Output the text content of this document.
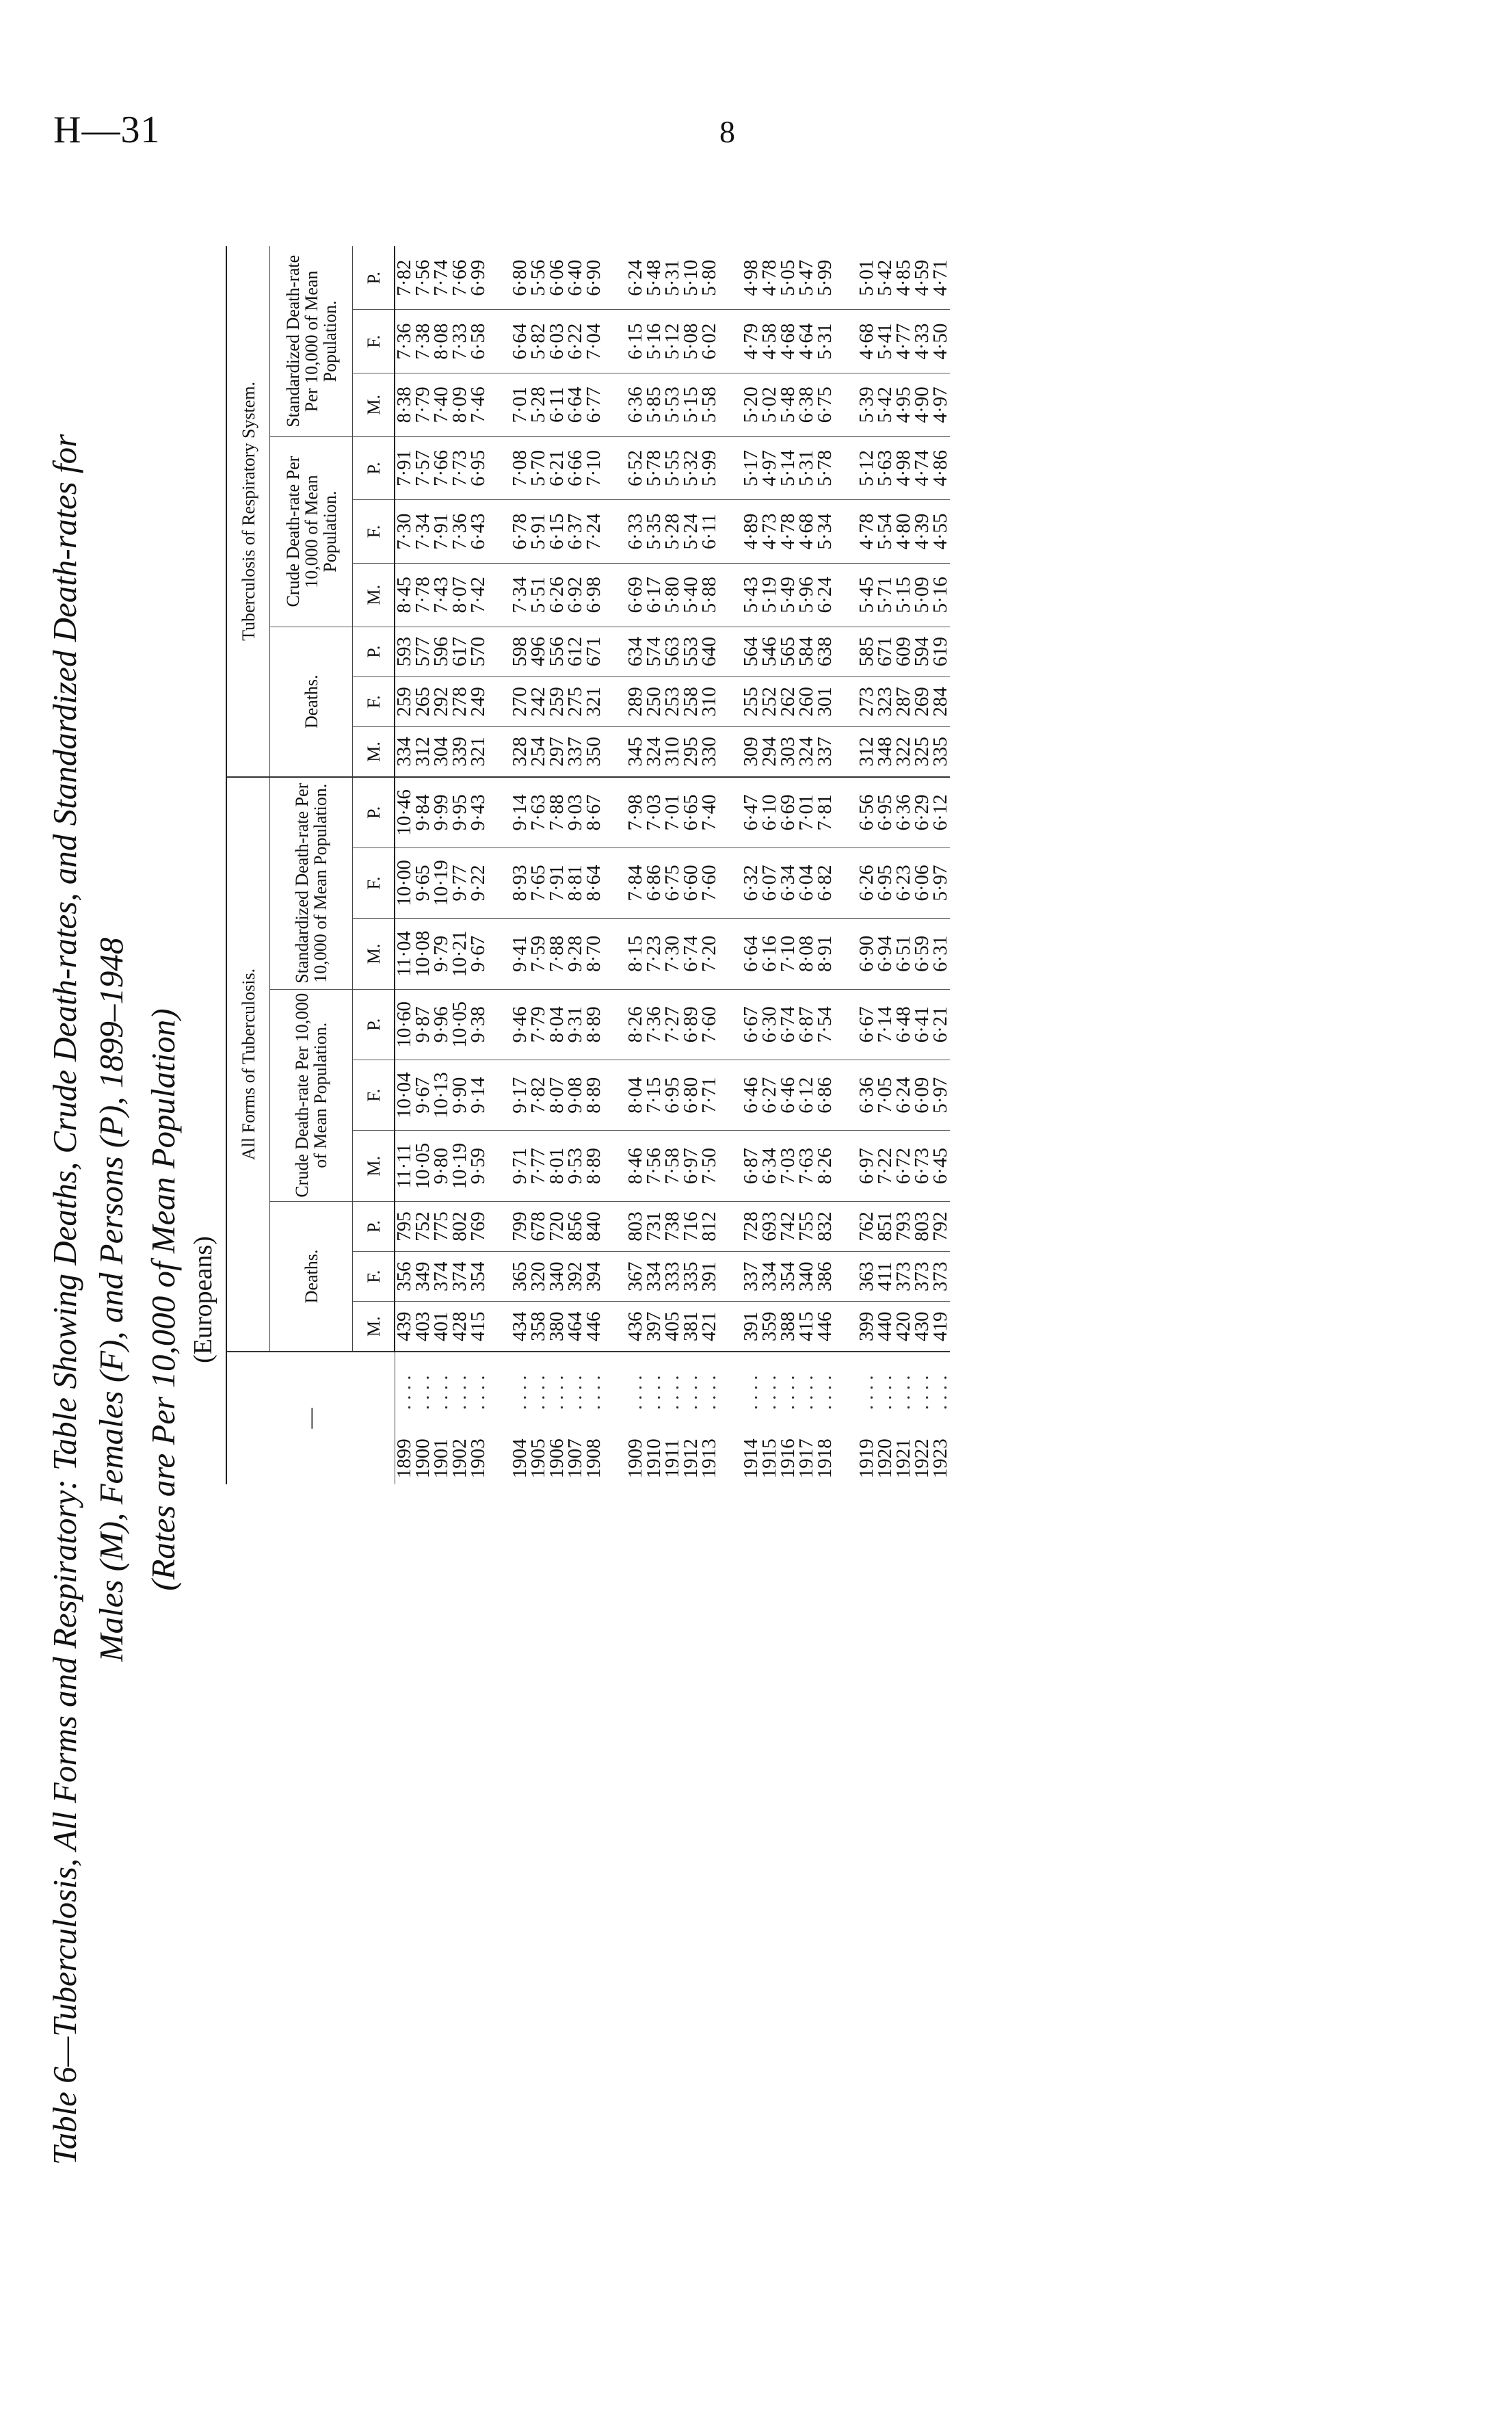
H—31	8
Table 6—Tuberculosis, All Forms and Respiratory: Table Showing Deaths, Crude Death-rates, and Standardized Death-rates for Males (M), Females (F), and Persons (P), 1899–1948 (Rates are Per 10,000 of Mean Population) (Europeans)
—		All Forms of Tuberculosis.									Tuberculosis of Respiratory System.								
		Deaths.			Crude Death-rate Per 10,000 of Mean Population.			Standardized Death-rate Per 10,000 of Mean Population.			Deaths.			Crude Death-rate Per 10,000 of Mean Population.			Standardized Death-rate Per 10,000 of Mean Population.		
		M.	F.	P.	M.	F.	P.	M.	F.	P.	M.	F.	P.	M.	F.	P.	M.	F.	P.
1899	. . . .	439	356	795	11·11	10·04	10·60	11·04	10·00	10·46	334	259	593	8·45	7·30	7·91	8·38	7·36	7·82
1900	. . . .	403	349	752	10·05	9·67	9·87	10·08	9·65	9·84	312	265	577	7·78	7·34	7·57	7·79	7·38	7·56
1901	. . . .	401	374	775	9·80	10·13	9·96	9·79	10·19	9·99	304	292	596	7·43	7·91	7·66	7·40	8·08	7·74
1902	. . . .	428	374	802	10·19	9·90	10·05	10·21	9·77	9·95	339	278	617	8·07	7·36	7·73	8·09	7·33	7·66
1903	. . . .	415	354	769	9·59	9·14	9·38	9·67	9·22	9·43	321	249	570	7·42	6·43	6·95	7·46	6·58	6·99

1904	. . . .	434	365	799	9·71	9·17	9·46	9·41	8·93	9·14	328	270	598	7·34	6·78	7·08	7·01	6·64	6·80
1905	. . . .	358	320	678	7·77	7·82	7·79	7·59	7·65	7·63	254	242	496	5·51	5·91	5·70	5·28	5·82	5·56
1906	. . . .	380	340	720	8·01	8·07	8·04	7·88	7·91	7·88	297	259	556	6·26	6·15	6·21	6·11	6·03	6·06
1907	. . . .	464	392	856	9·53	9·08	9·31	9·28	8·81	9·03	337	275	612	6·92	6·37	6·66	6·64	6·22	6·40
1908	. . . .	446	394	840	8·89	8·89	8·89	8·70	8·64	8·67	350	321	671	6·98	7·24	7·10	6·77	7·04	6·90

1909	. . . .	436	367	803	8·46	8·04	8·26	8·15	7·84	7·98	345	289	634	6·69	6·33	6·52	6·36	6·15	6·24
1910	. . . .	397	334	731	7·56	7·15	7·36	7·23	6·86	7·03	324	250	574	6·17	5·35	5·78	5·85	5·16	5·48
1911	. . . .	405	333	738	7·58	6·95	7·27	7·30	6·75	7·01	310	253	563	5·80	5·28	5·55	5·53	5·12	5·31
1912	. . . .	381	335	716	6·97	6·80	6·89	6·74	6·60	6·65	295	258	553	5·40	5·24	5·32	5·15	5·08	5·10
1913	. . . .	421	391	812	7·50	7·71	7·60	7·20	7·60	7·40	330	310	640	5·88	6·11	5·99	5·58	6·02	5·80

1914	. . . .	391	337	728	6·87	6·46	6·67	6·64	6·32	6·47	309	255	564	5·43	4·89	5·17	5·20	4·79	4·98
1915	. . . .	359	334	693	6·34	6·27	6·30	6·16	6·07	6·10	294	252	546	5·19	4·73	4·97	5·02	4·58	4·78
1916	. . . .	388	354	742	7·03	6·46	6·74	7·10	6·34	6·69	303	262	565	5·49	4·78	5·14	5·48	4·68	5·05
1917	. . . .	415	340	755	7·63	6·12	6·87	8·08	6·04	7·01	324	260	584	5·96	4·68	5·31	6·38	4·64	5·47
1918	. . . .	446	386	832	8·26	6·86	7·54	8·91	6·82	7·81	337	301	638	6·24	5·34	5·78	6·75	5·31	5·99

1919	. . . .	399	363	762	6·97	6·36	6·67	6·90	6·26	6·56	312	273	585	5·45	4·78	5·12	5·39	4·68	5·01
1920	. . . .	440	411	851	7·22	7·05	7·14	6·94	6·95	6·95	348	323	671	5·71	5·54	5·63	5·42	5·41	5·42
1921	. . . .	420	373	793	6·72	6·24	6·48	6·51	6·23	6·36	322	287	609	5·15	4·80	4·98	4·95	4·77	4·85
1922	. . . .	430	373	803	6·73	6·09	6·41	6·59	6·06	6·29	325	269	594	5·09	4·39	4·74	4·90	4·33	4·59
1923	. . . .	419	373	792	6·45	5·97	6·21	6·31	5·97	6·12	335	284	619	5·16	4·55	4·86	4·97	4·50	4·71
